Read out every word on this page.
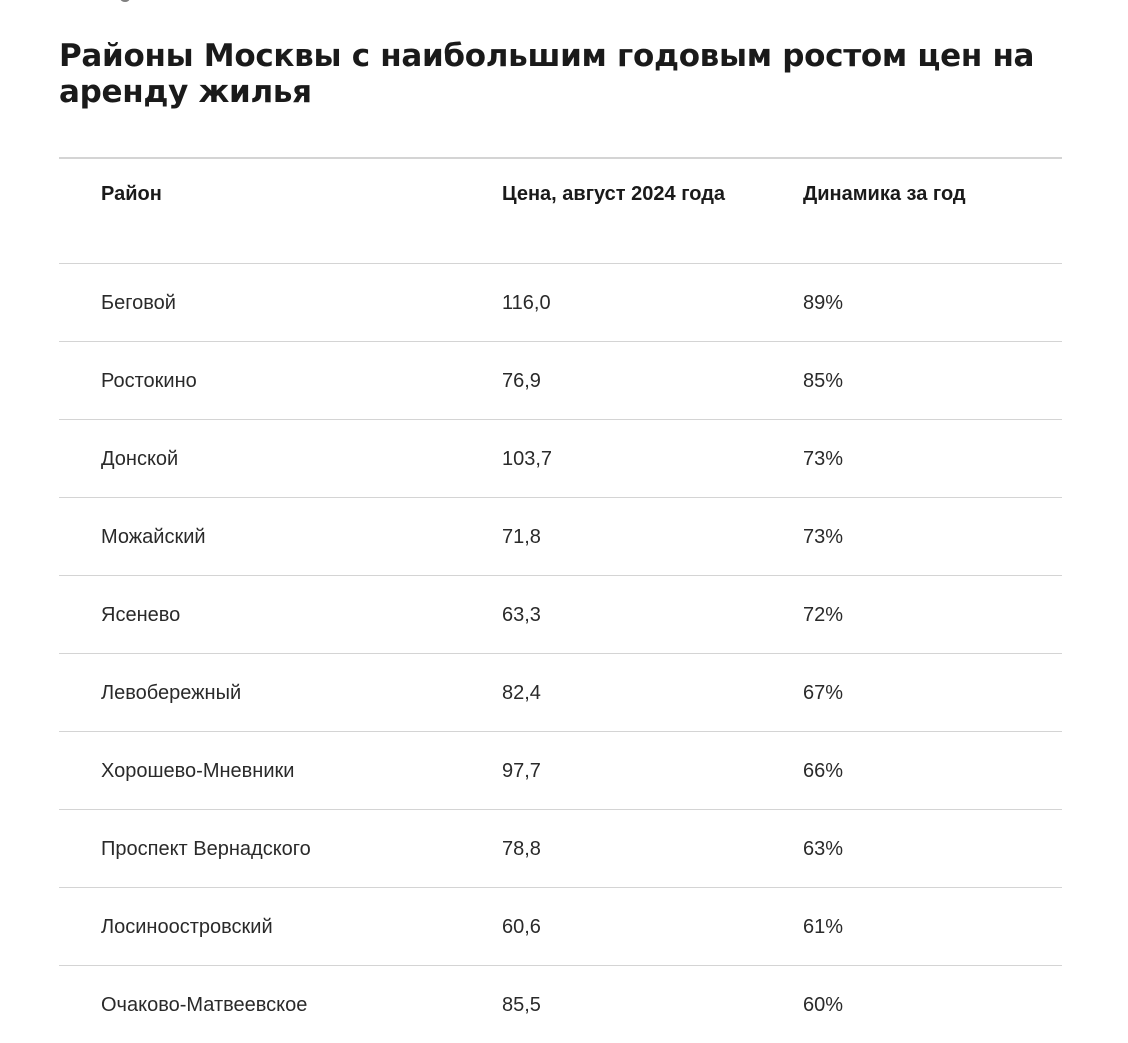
Районы Москвы с наибольшим годовым ростом цен на аренду жилья
Район	Цена, август 2024 года	Динамика за год
Беговой	116,0	89%
Ростокино	76,9	85%
Донской	103,7	73%
Можайский	71,8	73%
Ясенево	63,3	72%
Левобережный	82,4	67%
Хорошево-Мневники	97,7	66%
Проспект Вернадского	78,8	63%
Лосиноостровский	60,6	61%
Очаково-Матвеевское	85,5	60%
